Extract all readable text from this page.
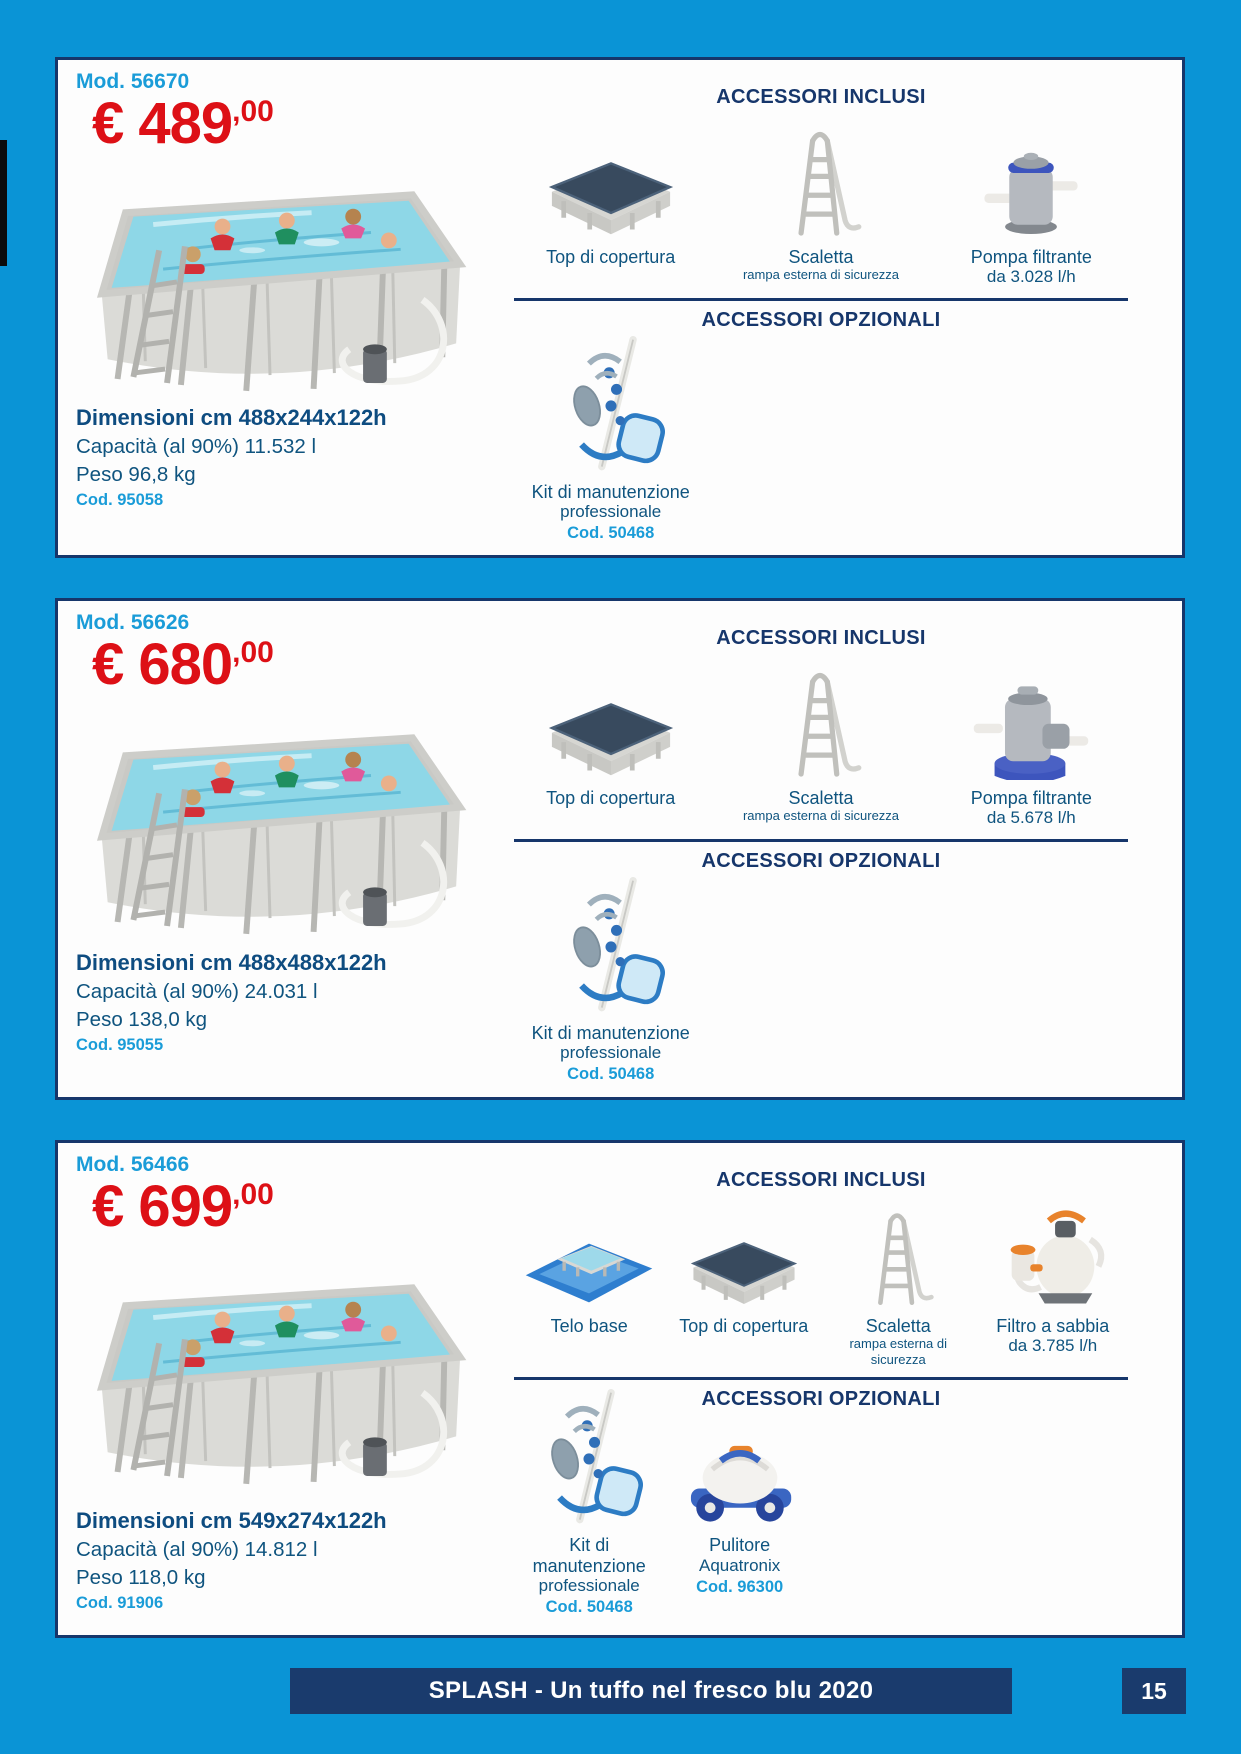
Mod. 56670
€ $489^{,00}$
Dimensioni cm 488x244x122h
Capacità (al 90%) 11.532 l
Peso 96,8 kg
Cod. 95058
ACCESSORI INCLUSI
Top di copertura	Scaletta
rampa esterna di sicurezza
Pompa filtrante
da 3.028 l/h
ACCESSORI OPZIONALI
Kit di manutenzione
professionale
Cod. 50468
Mod. 56626
€ $680^{,00}$
Dimensioni cm 488x488x122h
Capacità (al 90%) 24.031 l
Peso 138,0 kg
Cod. 95055
ACCESSORI INCLUSI
Top di copertura	Scaletta
rampa esterna di sicurezza
Pompa filtrante
da 5.678 l/h
ACCESSORI OPZIONALI
Kit di manutenzione
professionale
Cod. 50468
Mod. 56466
€ $699^{,00}$
Dimensioni cm 549x274x122h
Capacità (al 90%) 14.812 l
Peso 118,0 kg
Cod. 91906
ACCESSORI INCLUSI
Telo base	Top di copertura	Scaletta
rampa esterna di sicurezza
Filtro a sabbia
da 3.785 l/h
ACCESSORI OPZIONALI
Kit di manutenzione
professionale
Cod. 50468
Pulitore
Aquatronix
Cod. 96300
SPLASH - Un tuffo nel fresco blu 2020	15
